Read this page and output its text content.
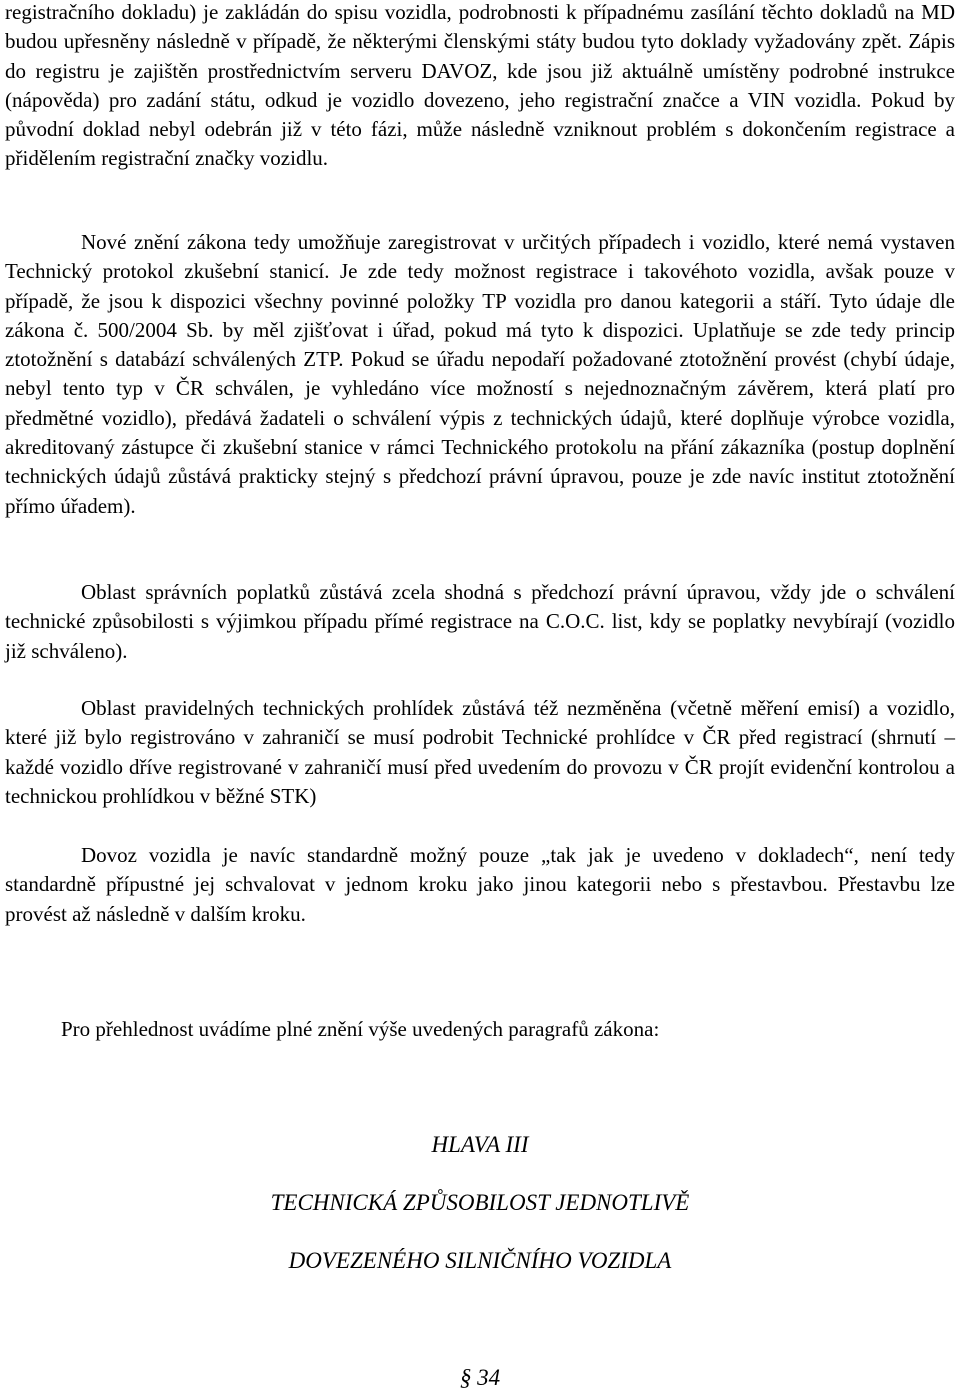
registračního dokladu) je zakládán do spisu vozidla, podrobnosti k případnému zasílání těchto dokladů na MD budou upřesněny následně v případě, že některými členskými státy budou tyto doklady vyžadovány zpět. Zápis do registru je zajištěn prostřednictvím serveru DAVOZ, kde jsou již aktuálně umístěny podrobné instrukce (nápověda) pro zadání státu, odkud je vozidlo dovezeno, jeho registrační značce a VIN vozidla. Pokud by původní doklad nebyl odebrán již v této fázi, může následně vzniknout problém s dokončením registrace a přidělením registrační značky vozidlu.

Nové znění zákona tedy umožňuje zaregistrovat v určitých případech i vozidlo, které nemá vystaven Technický protokol zkušební stanicí. Je zde tedy možnost registrace i takovéhoto vozidla, avšak pouze v případě, že jsou k dispozici všechny povinné položky TP vozidla pro danou kategorii a stáří. Tyto údaje dle zákona č. 500/2004 Sb. by měl zjišťovat i úřad, pokud má tyto k dispozici. Uplatňuje se zde tedy princip ztotožnění s databází schválených ZTP. Pokud se úřadu nepodaří požadované ztotožnění provést (chybí údaje, nebyl tento typ v ČR schválen, je vyhledáno více možností s nejednoznačným závěrem, která platí pro předmětné vozidlo), předává žadateli o schválení výpis z technických údajů, které doplňuje výrobce vozidla, akreditovaný zástupce či zkušební stanice v rámci Technického protokolu na přání zákazníka (postup doplnění technických údajů zůstává prakticky stejný s předchozí právní úpravou, pouze je zde navíc institut ztotožnění přímo úřadem).

Oblast správních poplatků zůstává zcela shodná s předchozí právní úpravou, vždy jde o schválení technické způsobilosti s výjimkou případu přímé registrace na C.O.C. list, kdy se poplatky nevybírají (vozidlo již schváleno).

Oblast pravidelných technických prohlídek zůstává též nezměněna (včetně měření emisí) a vozidlo, které již bylo registrováno v zahraničí se musí podrobit Technické prohlídce v ČR před registrací (shrnutí – každé vozidlo dříve registrované v zahraničí musí před uvedením do provozu v ČR projít evidenční kontrolou a technickou prohlídkou v běžné STK)

Dovoz vozidla je navíc standardně možný pouze „tak jak je uvedeno v dokladech“, není tedy standardně přípustné jej schvalovat v jednom kroku jako jinou kategorii nebo s přestavbou. Přestavbu lze provést až následně v dalším kroku.

Pro přehlednost uvádíme plné znění výše uvedených paragrafů zákona:

HLAVA III

TECHNICKÁ ZPŮSOBILOST JEDNOTLIVĚ

DOVEZENÉHO SILNIČNÍHO VOZIDLA

§ 34
